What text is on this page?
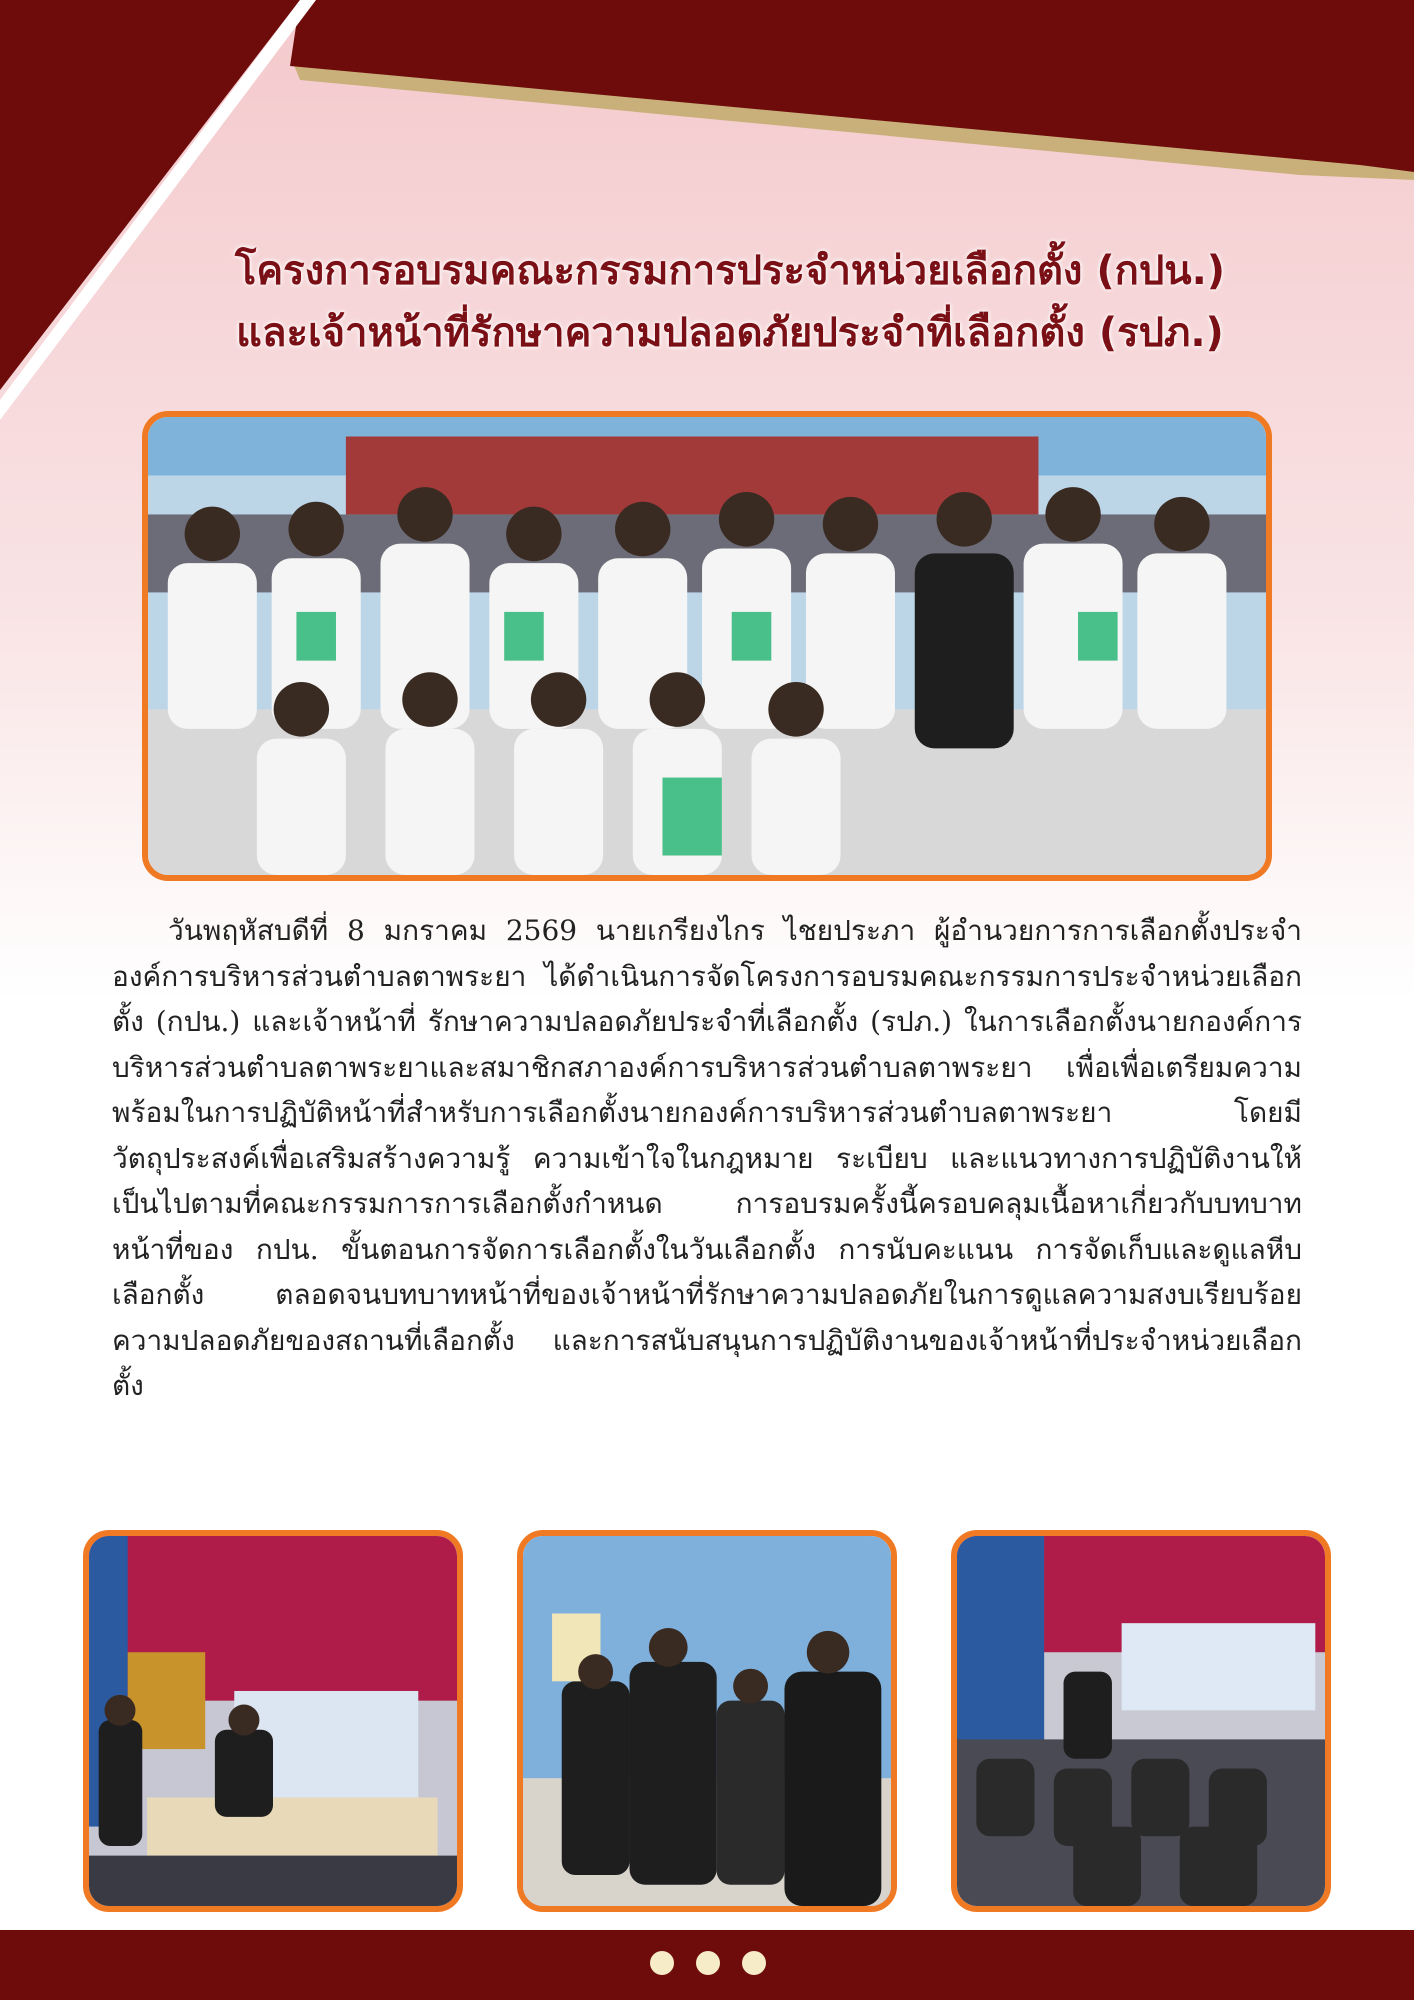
โครงการอบรมคณะกรรมการประจำหน่วยเลือกตั้ง (กปน.)
และเจ้าหน้าที่รักษาความปลอดภัยประจำที่เลือกตั้ง (รปภ.)

วันพฤหัสบดีที่ 8 มกราคม 2569 นายเกรียงไกร ไชยประภา ผู้อำนวยการการเลือกตั้งประจำองค์การบริหารส่วนตำบลตาพระยา ได้ดำเนินการจัดโครงการอบรมคณะกรรมการประจำหน่วยเลือกตั้ง (กปน.) และเจ้าหน้าที่ รักษาความปลอดภัยประจำที่เลือกตั้ง (รปภ.) ในการเลือกตั้งนายกองค์การบริหารส่วนตำบลตาพระยาและสมาชิกสภาองค์การบริหารส่วนตำบลตาพระยา เพื่อเพื่อเตรียมความพร้อมในการปฏิบัติหน้าที่สำหรับการเลือกตั้งนายกองค์การบริหารส่วนตำบลตาพระยา โดยมีวัตถุประสงค์เพื่อเสริมสร้างความรู้ ความเข้าใจในกฎหมาย ระเบียบ และแนวทางการปฏิบัติงานให้เป็นไปตามที่คณะกรรมการการเลือกตั้งกำหนด การอบรมครั้งนี้ครอบคลุมเนื้อหาเกี่ยวกับบทบาทหน้าที่ของ กปน. ขั้นตอนการจัดการเลือกตั้งในวันเลือกตั้ง การนับคะแนน การจัดเก็บและดูแลหีบเลือกตั้ง ตลอดจนบทบาทหน้าที่ของเจ้าหน้าที่รักษาความปลอดภัยในการดูแลความสงบเรียบร้อย ความปลอดภัยของสถานที่เลือกตั้ง และการสนับสนุนการปฏิบัติงานของเจ้าหน้าที่ประจำหน่วยเลือกตั้ง
